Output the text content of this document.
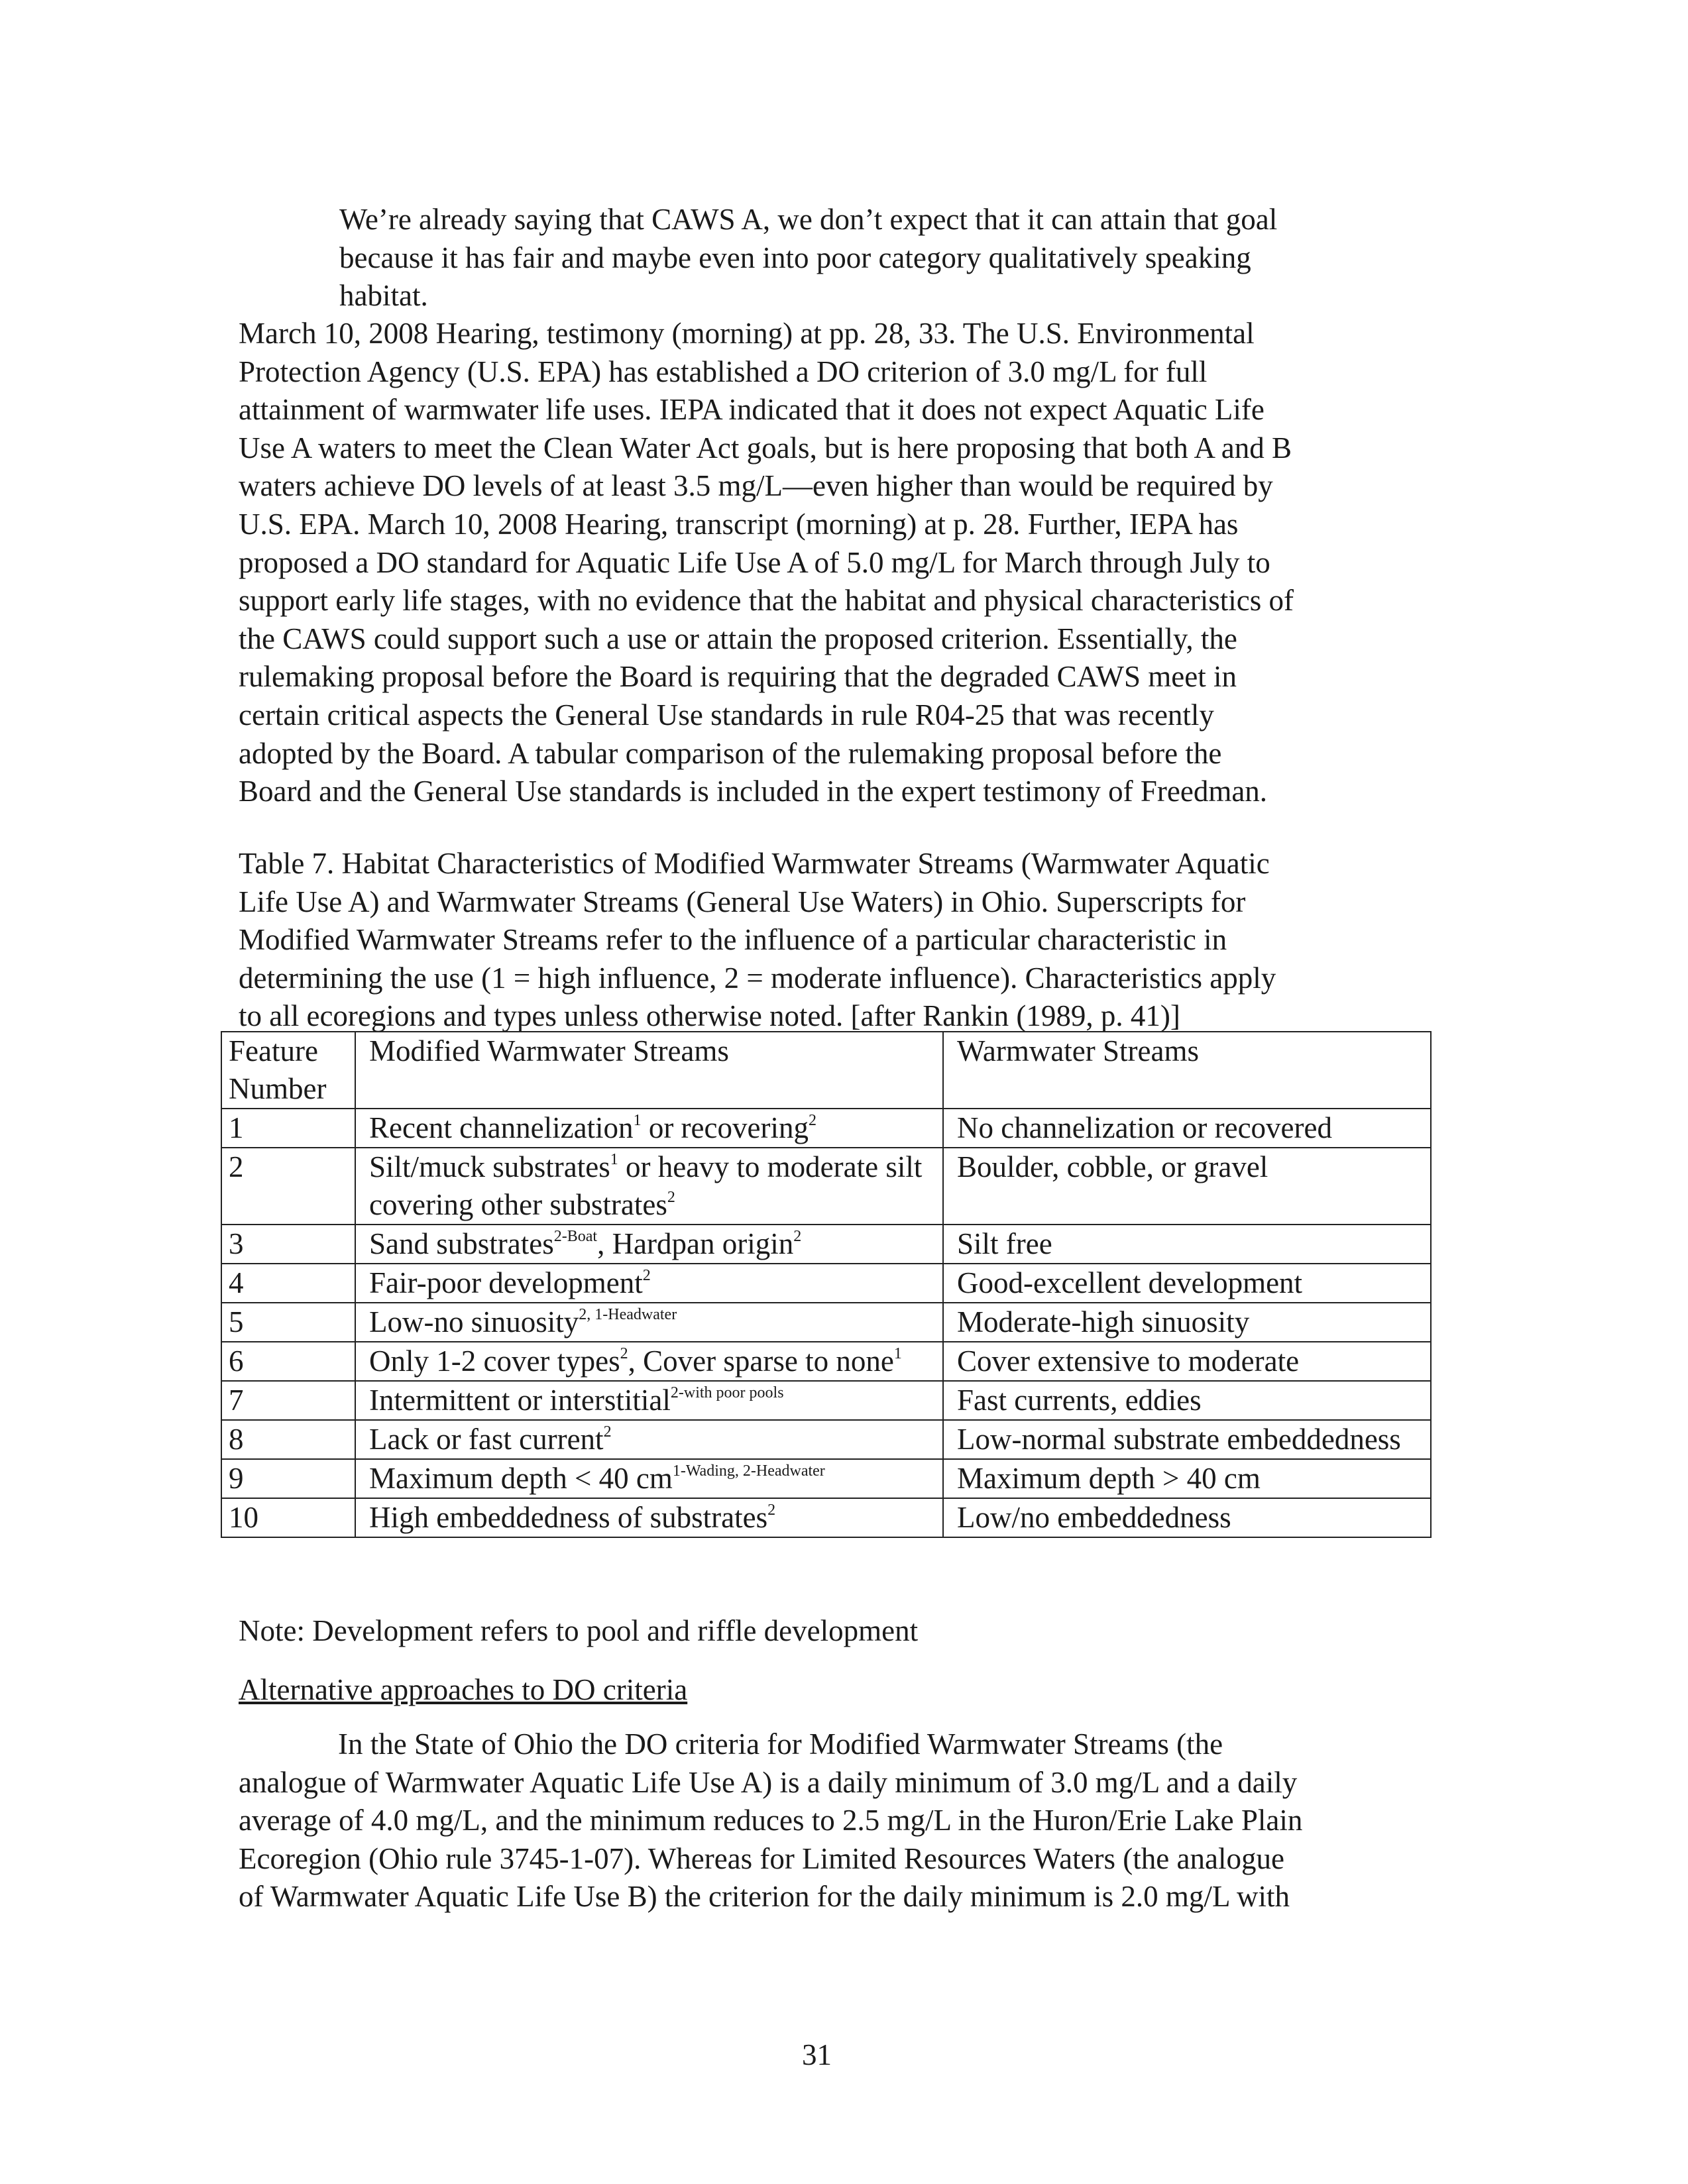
We’re already saying that CAWS A, we don’t expect that it can attain that goal
because it has fair and maybe even into poor category qualitatively speaking
habitat.
March 10, 2008 Hearing, testimony (morning) at pp. 28, 33. The U.S. Environmental
Protection Agency (U.S. EPA) has established a DO criterion of 3.0 mg/L for full
attainment of warmwater life uses. IEPA indicated that it does not expect Aquatic Life
Use A waters to meet the Clean Water Act goals, but is here proposing that both A and B
waters achieve DO levels of at least 3.5 mg/L—even higher than would be required by
U.S. EPA. March 10, 2008 Hearing, transcript (morning) at p. 28. Further, IEPA has
proposed a DO standard for Aquatic Life Use A of 5.0 mg/L for March through July to
support early life stages, with no evidence that the habitat and physical characteristics of
the CAWS could support such a use or attain the proposed criterion. Essentially, the
rulemaking proposal before the Board is requiring that the degraded CAWS meet in
certain critical aspects the General Use standards in rule R04-25 that was recently
adopted by the Board. A tabular comparison of the rulemaking proposal before the
Board and the General Use standards is included in the expert testimony of Freedman.
Table 7. Habitat Characteristics of Modified Warmwater Streams (Warmwater Aquatic
Life Use A) and Warmwater Streams (General Use Waters) in Ohio. Superscripts for
Modified Warmwater Streams refer to the influence of a particular characteristic in
determining the use (1 = high influence, 2 = moderate influence). Characteristics apply
to all ecoregions and types unless otherwise noted. [after Rankin (1989, p. 41)]
Feature Number	Modified Warmwater Streams	Warmwater Streams
1	Recent channelization$^1$ or recovering$^2$	No channelization or recovered
2	Silt/muck substrates$^1$ or heavy to moderate silt covering other substrates$^2$	Boulder, cobble, or gravel
3	Sand substrates$^{2-Boat}$, Hardpan origin$^2$	Silt free
4	Fair-poor development$^2$	Good-excellent development
5	Low-no sinuosity$^{2, 1-Headwater}$	Moderate-high sinuosity
6	Only 1-2 cover types$^2$, Cover sparse to none$^1$	Cover extensive to moderate
7	Intermittent or interstitial$^{2-with poor pools}$	Fast currents, eddies
8	Lack or fast current$^2$	Low-normal substrate embeddedness
9	Maximum depth < 40 $cm^{1-Wading, 2-Headwater}$	Maximum depth > 40 cm
10	High embeddedness of substrates$^2$	Low/no embeddedness
Note: Development refers to pool and riffle development
Alternative approaches to DO criteria
In the State of Ohio the DO criteria for Modified Warmwater Streams (the
analogue of Warmwater Aquatic Life Use A) is a daily minimum of 3.0 mg/L and a daily
average of 4.0 mg/L, and the minimum reduces to 2.5 mg/L in the Huron/Erie Lake Plain
Ecoregion (Ohio rule 3745-1-07). Whereas for Limited Resources Waters (the analogue
of Warmwater Aquatic Life Use B) the criterion for the daily minimum is 2.0 mg/L with
31
